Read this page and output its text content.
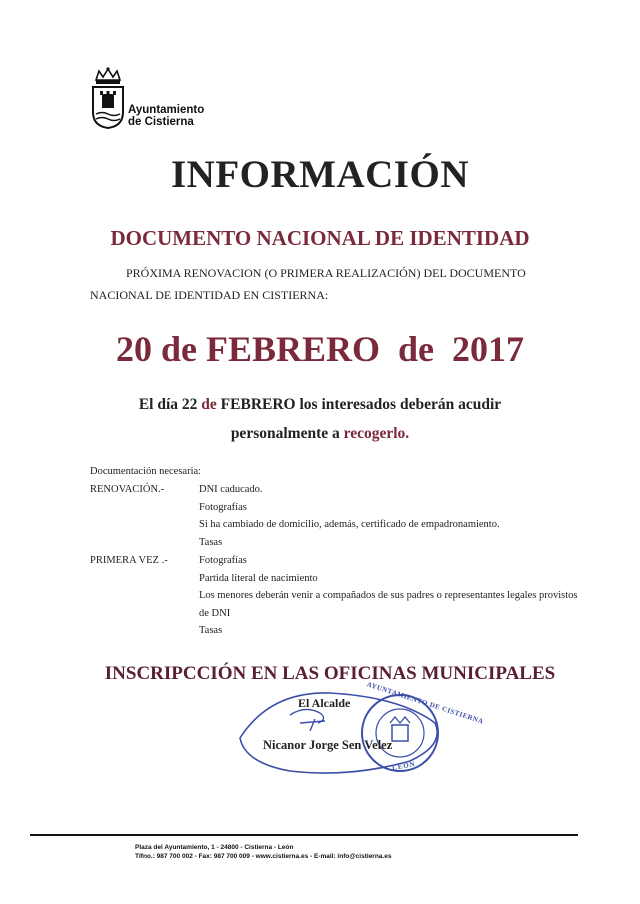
Ayuntamiento
de Cistierna
INFORMACIÓN
DOCUMENTO NACIONAL DE IDENTIDAD
PRÓXIMA RENOVACION (O PRIMERA REALIZACIÓN) DEL DOCUMENTO
NACIONAL DE IDENTIDAD EN CISTIERNA:
20 de FEBRERO  de  2017
El día 22 de FEBRERO los interesados deberán acudir
personalmente a recogerlo.
Documentación necesaria:
RENOVACIÓN.-	DNI caducado.
Fotografías
Si ha cambiado de domicilio, además, certificado de empadronamiento.
Tasas
PRIMERA VEZ .-	Fotografías
Partida literal de nacimiento
Los menores deberán venir a compañados de sus padres o representantes legales provistos
de DNI
Tasas
INSCRIPCCIÓN EN LAS OFICINAS MUNICIPALES
AYUNTAMIENTO DE CISTIERNA
LEON
El Alcalde
Nicanor Jorge Sen Velez
Plaza del Ayuntamiento, 1 - 24800 - Cistierna - León
Tlfno.: 987 700 002 - Fax: 987 700 009 - www.cistierna.es - E-mail: info@cistierna.es
